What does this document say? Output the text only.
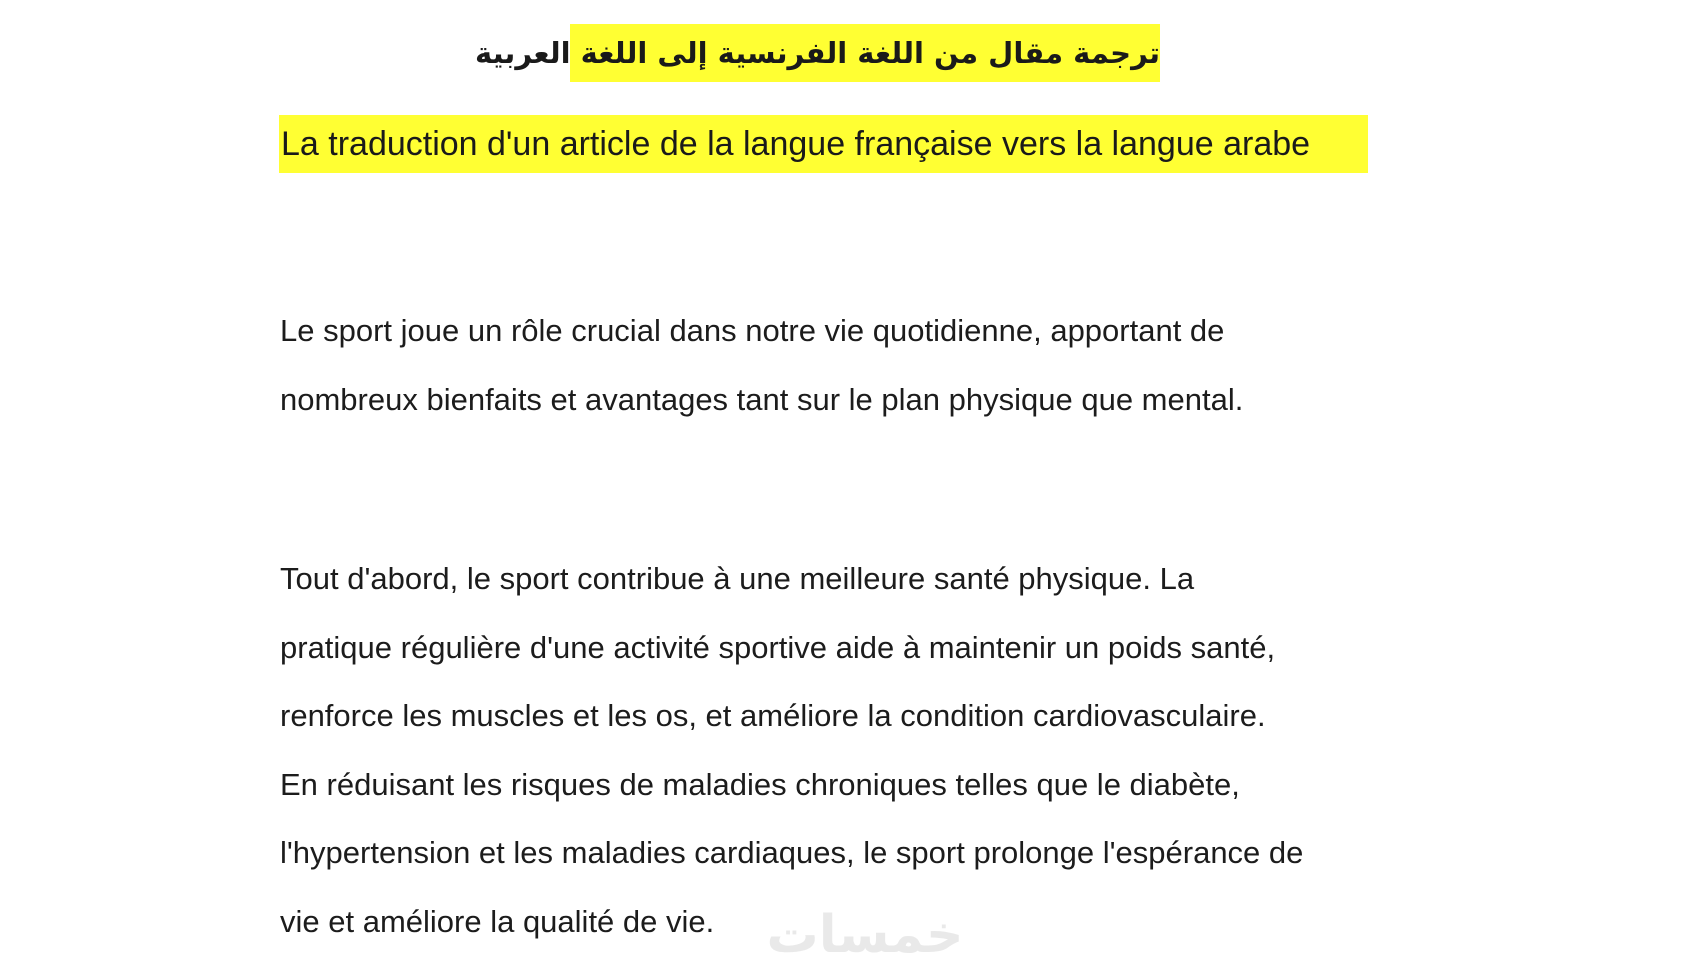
ترجمة مقال من اللغة الفرنسية إلى اللغة العربية
La traduction d'un article de la langue française vers la langue arabe

Le sport joue un rôle crucial dans notre vie quotidienne, apportant de
nombreux bienfaits et avantages tant sur le plan physique que mental.

Tout d'abord, le sport contribue à une meilleure santé physique. La
pratique régulière d'une activité sportive aide à maintenir un poids santé,
renforce les muscles et les os, et améliore la condition cardiovasculaire.
En réduisant les risques de maladies chroniques telles que le diabète,
l'hypertension et les maladies cardiaques, le sport prolonge l'espérance de
vie et améliore la qualité de vie.	خمسات
